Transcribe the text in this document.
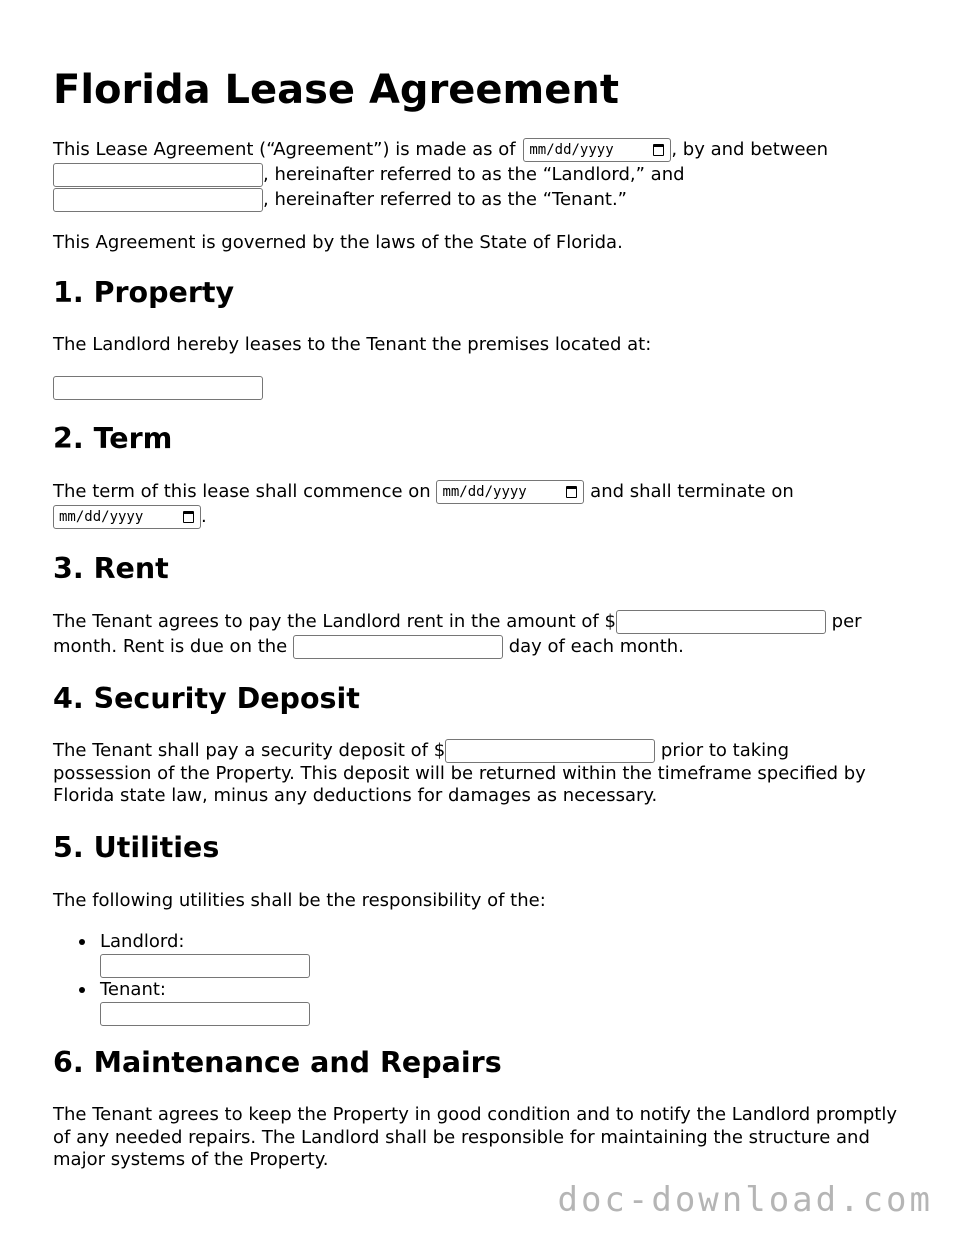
Florida Lease Agreement

This Lease Agreement (“Agreement”) is made as of mm/dd/yyyy	, by and between
, hereinafter referred to as the “Landlord,” and
, hereinafter referred to as the “Tenant.”

This Agreement is governed by the laws of the State of Florida.

1. Property

The Landlord hereby leases to the Tenant the premises located at:

2. Term

The term of this lease shall commence on mm/dd/yyyy	and shall terminate on
mm/dd/yyyy	.

3. Rent

The Tenant agrees to pay the Landlord rent in the amount of $	per
month. Rent is due on the	day of each month.

4. Security Deposit

The Tenant shall pay a security deposit of $	prior to taking
possession of the Property. This deposit will be returned within the timeframe specified by Florida state law, minus any deductions for damages as necessary.

5. Utilities

The following utilities shall be the responsibility of the:

Landlord:
Tenant:
6. Maintenance and Repairs

The Tenant agrees to keep the Property in good condition and to notify the Landlord promptly of any needed repairs. The Landlord shall be responsible for maintaining the structure and major systems of the Property.

doc-download.com
